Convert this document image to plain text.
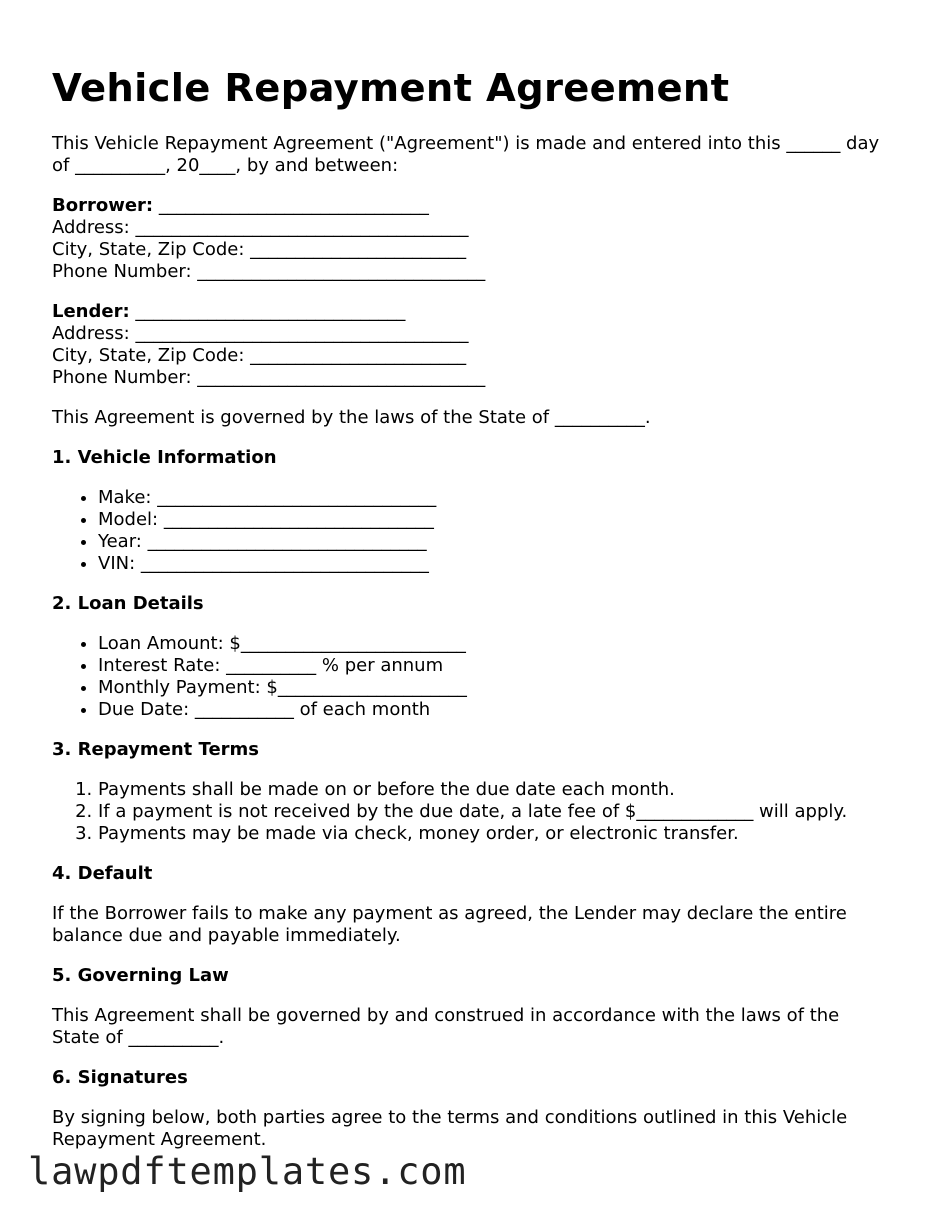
Vehicle Repayment Agreement

This Vehicle Repayment Agreement ("Agreement") is made and entered into this ______ day of __________, 20____, by and between:

Borrower: ______________________________
Address: _____________________________________
City, State, Zip Code: ________________________
Phone Number: ________________________________
Lender: ______________________________
Address: _____________________________________
City, State, Zip Code: ________________________
Phone Number: ________________________________

This Agreement is governed by the laws of the State of __________.

1. Vehicle Information
• Make: _______________________________
• Model: ______________________________
• Year: _______________________________
• VIN: ________________________________
2. Loan Details
• Loan Amount: $_________________________
• Interest Rate: __________ % per annum
• Monthly Payment: $_____________________
• Due Date: ___________ of each month
3. Repayment Terms
1. Payments shall be made on or before the due date each month.
2. If a payment is not received by the due date, a late fee of $_____________ will apply.
3. Payments may be made via check, money order, or electronic transfer.
4. Default

If the Borrower fails to make any payment as agreed, the Lender may declare the entire balance due and payable immediately.

5. Governing Law

This Agreement shall be governed by and construed in accordance with the laws of the State of __________.

6. Signatures

By signing below, both parties agree to the terms and conditions outlined in this Vehicle Repayment Agreement.

lawpdftemplates.com
